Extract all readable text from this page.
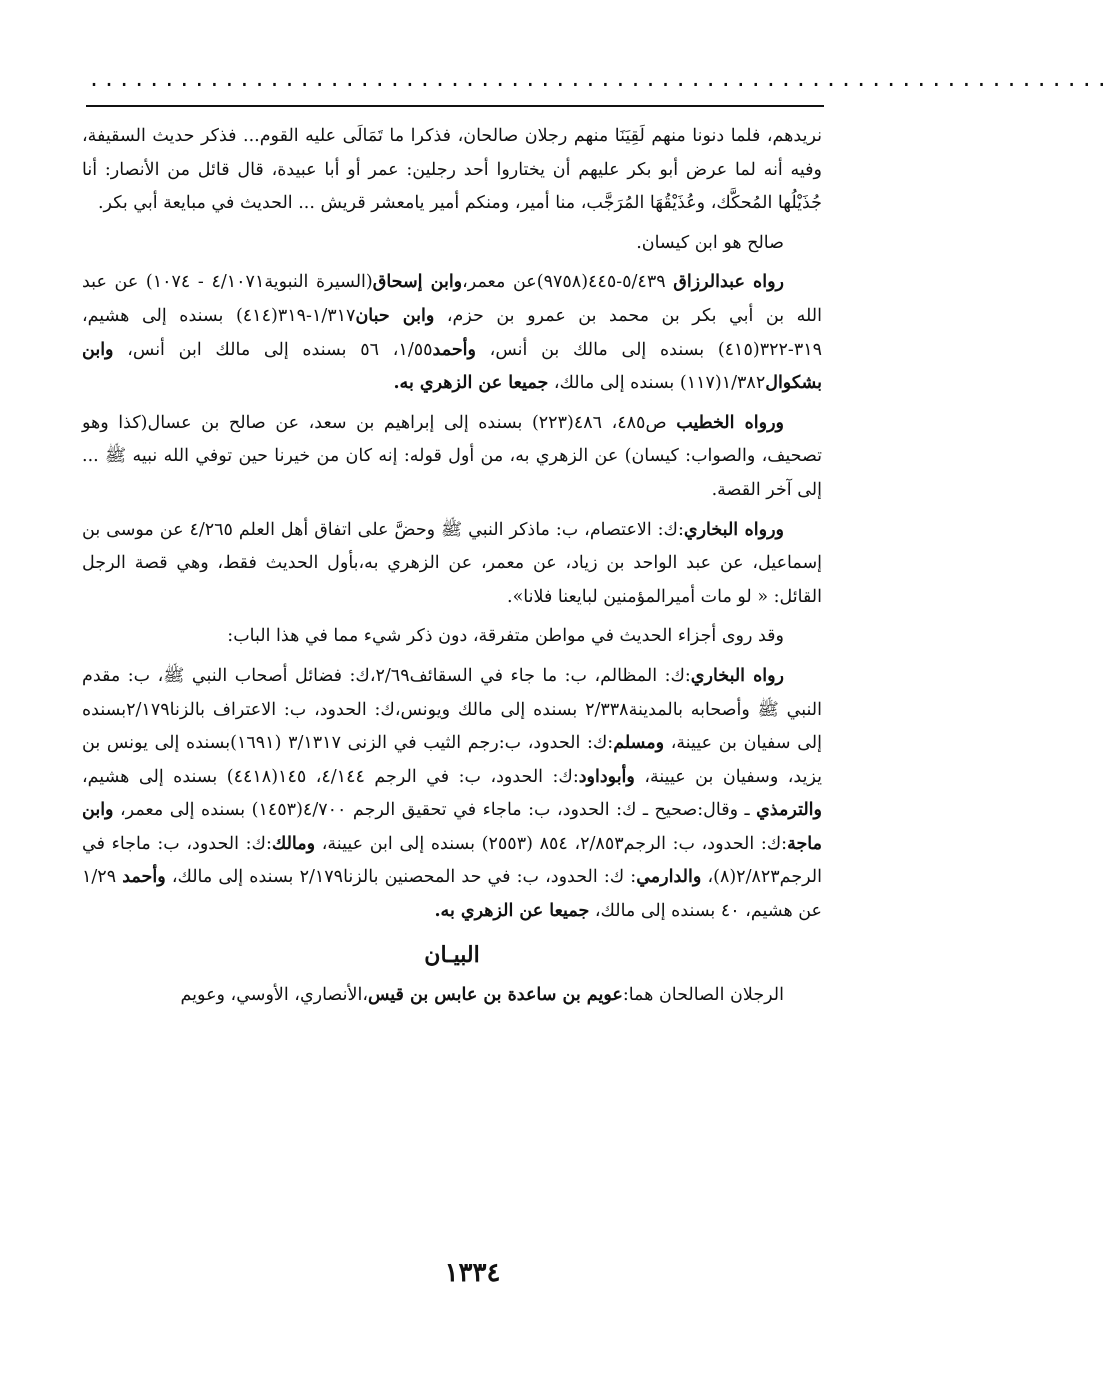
....................................................................

نريدهم، فلما دنونا منهم لَقِيَنَا منهم رجلان صالحان، فذكرا ما تَمَالَى عليه القوم... فذكر حديث السقيفة، وفيه أنه لما عرض أبو بكر عليهم أن يختاروا أحد رجلين: عمر أو أبا عبيدة، قال قائل من الأنصار: أنا جُذَيْلُها المُحكَّك، وعُذَيْقُهَا المُرَجَّب، منا أمير، ومنكم أمير يامعشر قريش ... الحديث في مبايعة أبي بكر.

صالح هو ابن كيسان.

رواه عبدالرزاق ٥/٤٣٩-٤٤٥(٩٧٥٨)عن معمر،وابن إسحاق(السيرة النبوية٤/١٠٧١ - ١٠٧٤) عن عبد الله بن أبي بكر بن محمد بن عمرو بن حزم، وابن حبان١/٣١٧-٣١٩(٤١٤) بسنده إلى هشيم، ٣١٩-٣٢٢(٤١٥) بسنده إلى مالك بن أنس، وأحمد١/٥٥، ٥٦ بسنده إلى مالك ابن أنس، وابن بشكوال١/٣٨٢(١١٧) بسنده إلى مالك، جميعا عن الزهري به.

ورواه الخطيب ص٤٨٥، ٤٨٦(٢٢٣) بسنده إلى إبراهيم بن سعد، عن صالح بن عسال(كذا وهو تصحيف، والصواب: كيسان) عن الزهري به، من أول قوله: إنه كان من خيرنا حين توفي الله نبيه ﷺ ... إلى آخر القصة.

ورواه البخاري:ك: الاعتصام، ب: ماذكر النبي ﷺ وحضَّ على اتفاق أهل العلم ٤/٢٦٥ عن موسى بن إسماعيل، عن عبد الواحد بن زياد، عن معمر، عن الزهري به،بأول الحديث فقط، وهي قصة الرجل القائل: « لو مات أميرالمؤمنين لبايعنا فلانا».

وقد روى أجزاء الحديث في مواطن متفرقة، دون ذكر شيء مما في هذا الباب:

رواه البخاري:ك: المظالم، ب: ما جاء في السقائف٢/٦٩،ك: فضائل أصحاب النبي ﷺ، ب: مقدم النبي ﷺ وأصحابه بالمدينة٢/٣٣٨ بسنده إلى مالك ويونس،ك: الحدود، ب: الاعتراف بالزنا٢/١٧٩بسنده إلى سفيان بن عيينة، ومسلم:ك: الحدود، ب:رجم الثيب في الزنى ٣/١٣١٧ (١٦٩١)بسنده إلى يونس بن يزيد، وسفيان بن عيينة، وأبوداود:ك: الحدود، ب: في الرجم ٤/١٤٤، ١٤٥(٤٤١٨) بسنده إلى هشيم، والترمذي ـ وقال:صحيح ـ ك: الحدود، ب: ماجاء في تحقيق الرجم ٤/٧٠٠(١٤٥٣) بسنده إلى معمر، وابن ماجة:ك: الحدود، ب: الرجم٢/٨٥٣، ٨٥٤ (٢٥٥٣) بسنده إلى ابن عيينة، ومالك:ك: الحدود، ب: ماجاء في الرجم٢/٨٢٣(٨)، والدارمي: ك: الحدود، ب: في حد المحصنين بالزنا٢/١٧٩ بسنده إلى مالك، وأحمد ١/٢٩ عن هشيم، ٤٠ بسنده إلى مالك، جميعا عن الزهري به.

البيـان

الرجلان الصالحان هما:عويم بن ساعدة بن عابس بن قيس،الأنصاري، الأوسي، وعويم

١٣٣٤
